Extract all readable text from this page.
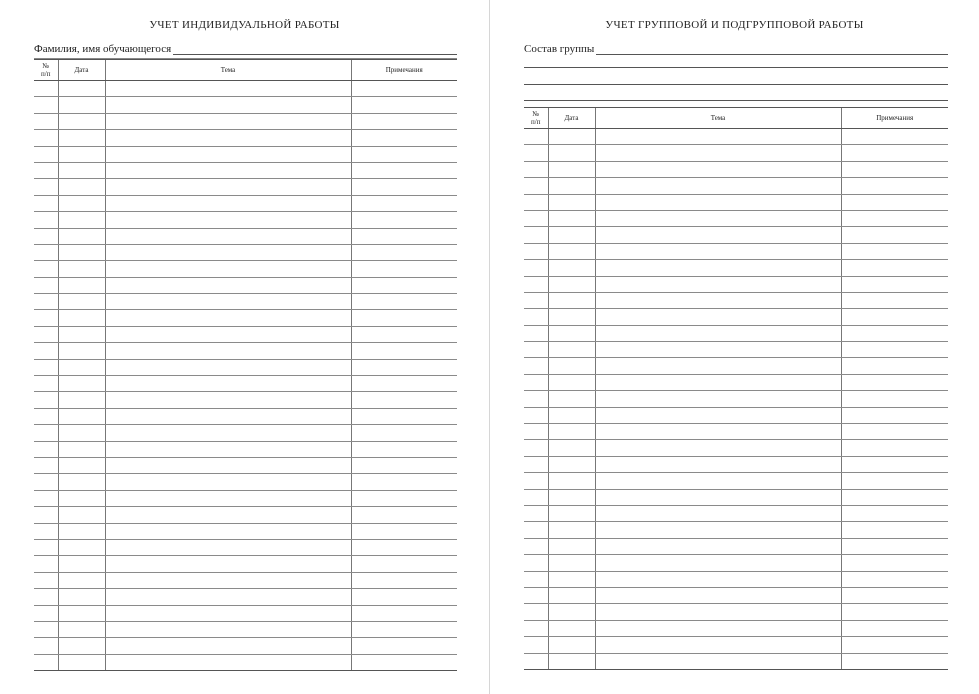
УЧЕТ ИНДИВИДУАЛЬНОЙ РАБОТЫ
Фамилия, имя обучающегося
№
п/п	Дата	Тема	Примечания

УЧЕТ ГРУППОВОЙ И ПОДГРУППОВОЙ РАБОТЫ
Состав группы
№
п/п	Дата	Тема	Примечания
